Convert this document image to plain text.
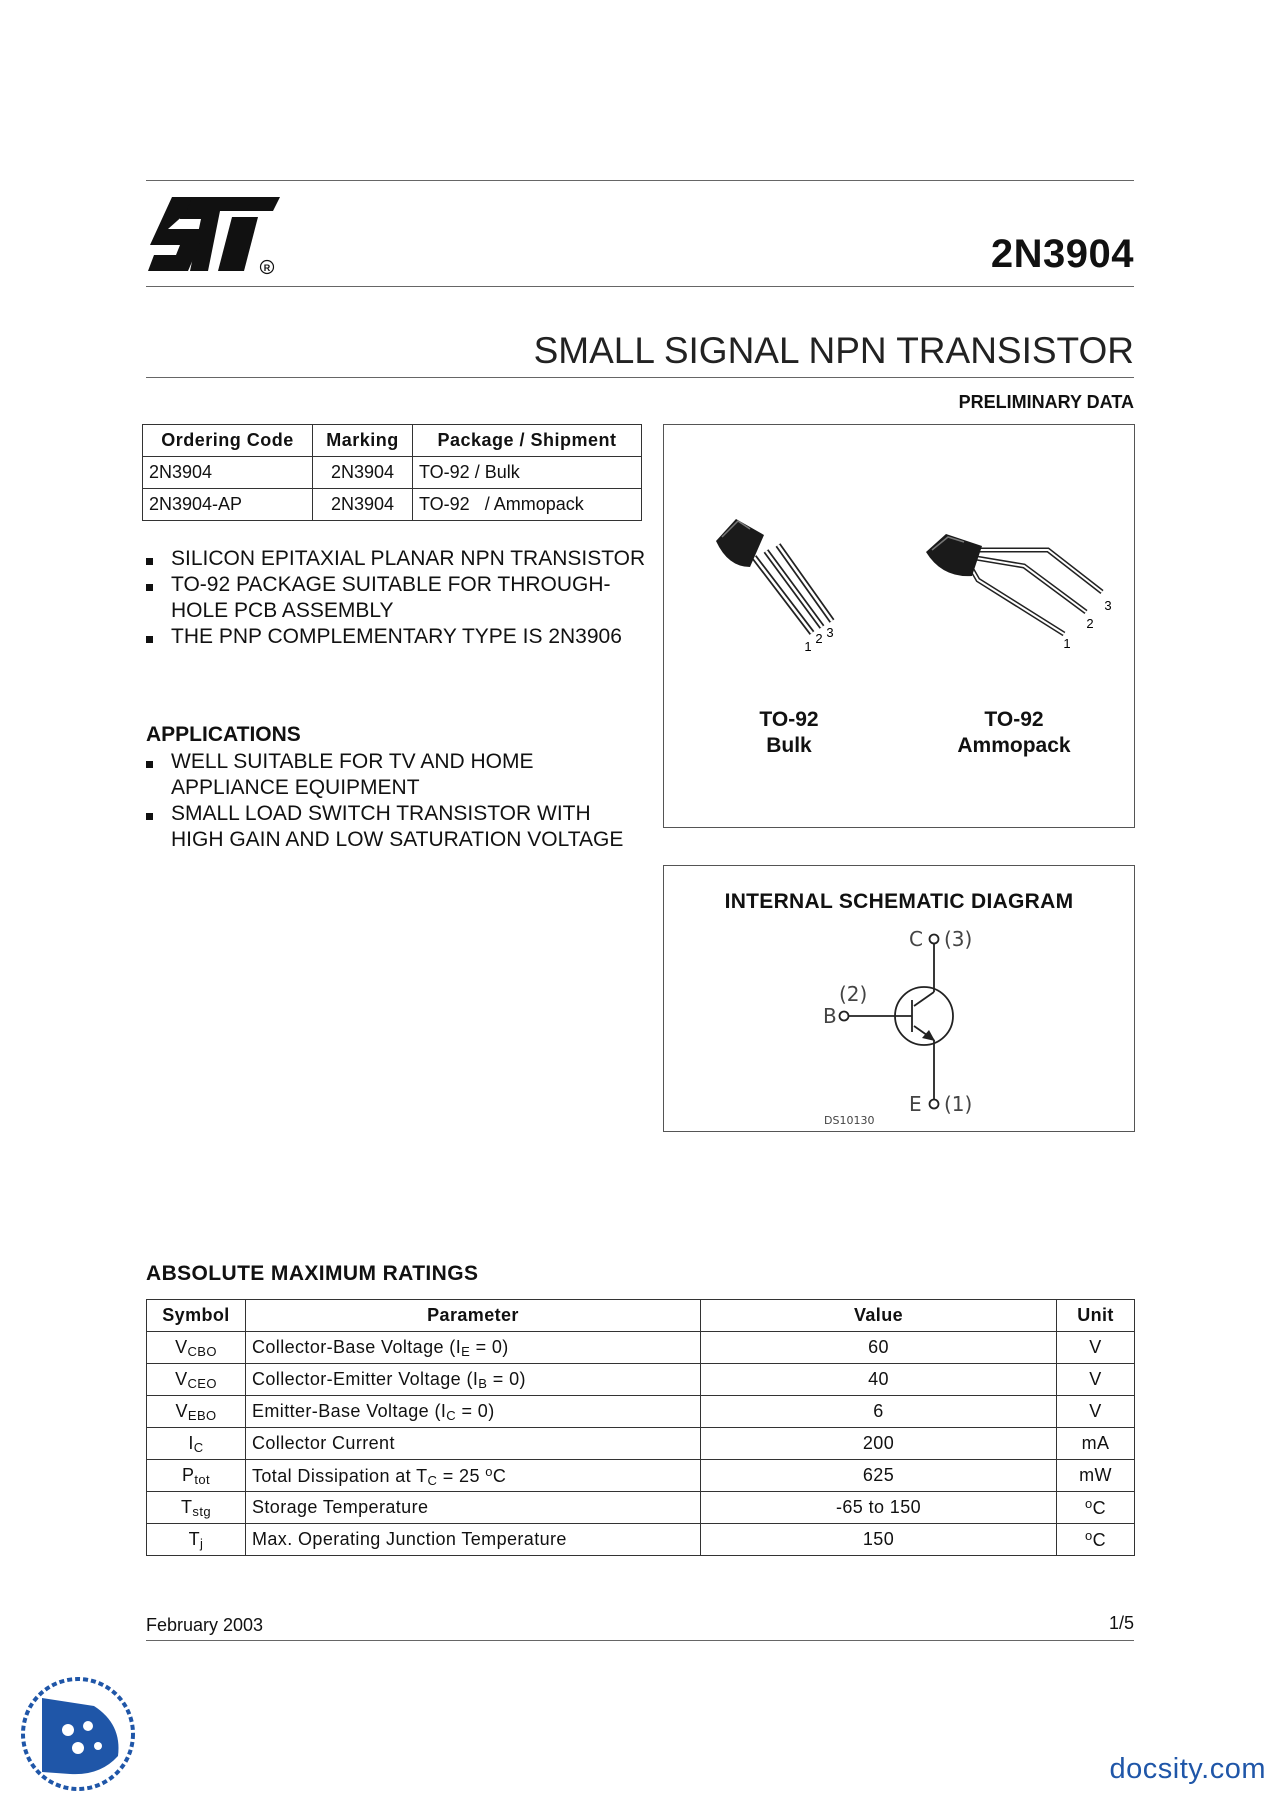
R	2N3904
SMALL SIGNAL NPN TRANSISTOR
PRELIMINARY DATA
Ordering Code	Marking	Package / Shipment
2N3904	2N3904	TO-92 / Bulk
2N3904-AP	2N3904	TO-92   / Ammopack
SILICON EPITAXIAL PLANAR NPN TRANSISTOR
TO-92 PACKAGE SUITABLE FOR THROUGH-HOLE PCB ASSEMBLY
THE PNP COMPLEMENTARY TYPE IS 2N3906
APPLICATIONS
WELL SUITABLE FOR TV AND HOME APPLIANCE EQUIPMENT
SMALL LOAD SWITCH TRANSISTOR WITH HIGH GAIN AND LOW SATURATION VOLTAGE
1
2 3
1
2
3
TO-92
Bulk
TO-92
Ammopack
INTERNAL SCHEMATIC DIAGRAM
C (3)
(2)
B
E (1)
DS10130
ABSOLUTE MAXIMUM RATINGS
Symbol	Parameter	Value	Unit
$V_{CBO}$	Collector-Base Voltage $(I_E = 0)$	60	V
$V_{CEO}$	Collector-Emitter Voltage $(I_B = 0)$	40	V
$V_{EBO}$	Emitter-Base Voltage $(I_C = 0)$	6	V
$I_C$	Collector Current	200	mA
$P_{tot}$	Total Dissipation at $T_C = 25$ $^o$C	625	mW
$T_{stg}$	Storage Temperature	-65 to 150	$^o$C
$T_j$	Max. Operating Junction Temperature	150	$^o$C
February 2003	1/5
docsity.com
